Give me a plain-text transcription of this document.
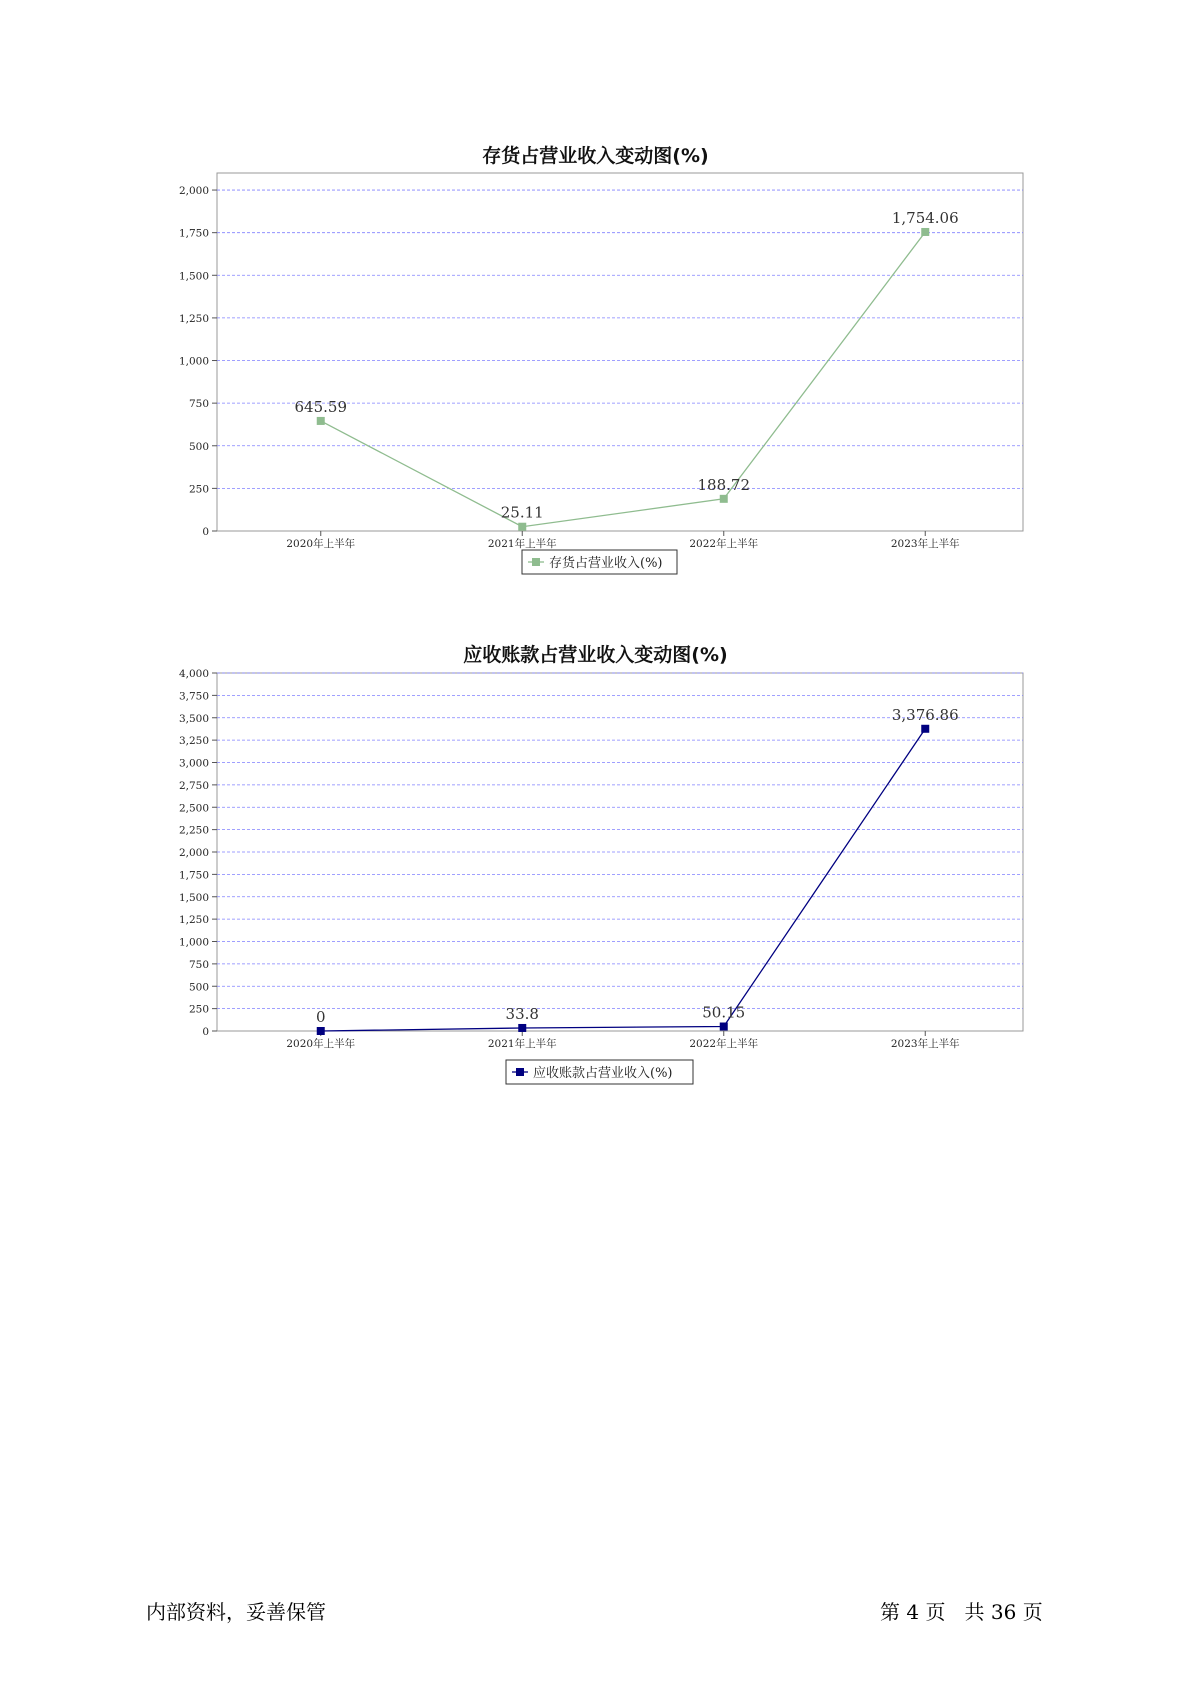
存货占营业收入变动图(%)
0
250
500
750
1,000
1,250
1,500
1,750
2,000
2020年上半年	2021年上半年	2022年上半年	2023年上半年
645.59
25.11
188.72
1,754.06
存货占营业收入(%)
应收账款占营业收入变动图(%)
0
250
500
750
1,000
1,250
1,500
1,750
2,000
2,250
2,500
2,750
3,000
3,250
3,500
3,750
4,000
2020年上半年	2021年上半年	2022年上半年	2023年上半年
0	33.8	50.15
3,376.86
应收账款占营业收入(%)
内部资料，妥善保管	第 4 页 共 36 页
